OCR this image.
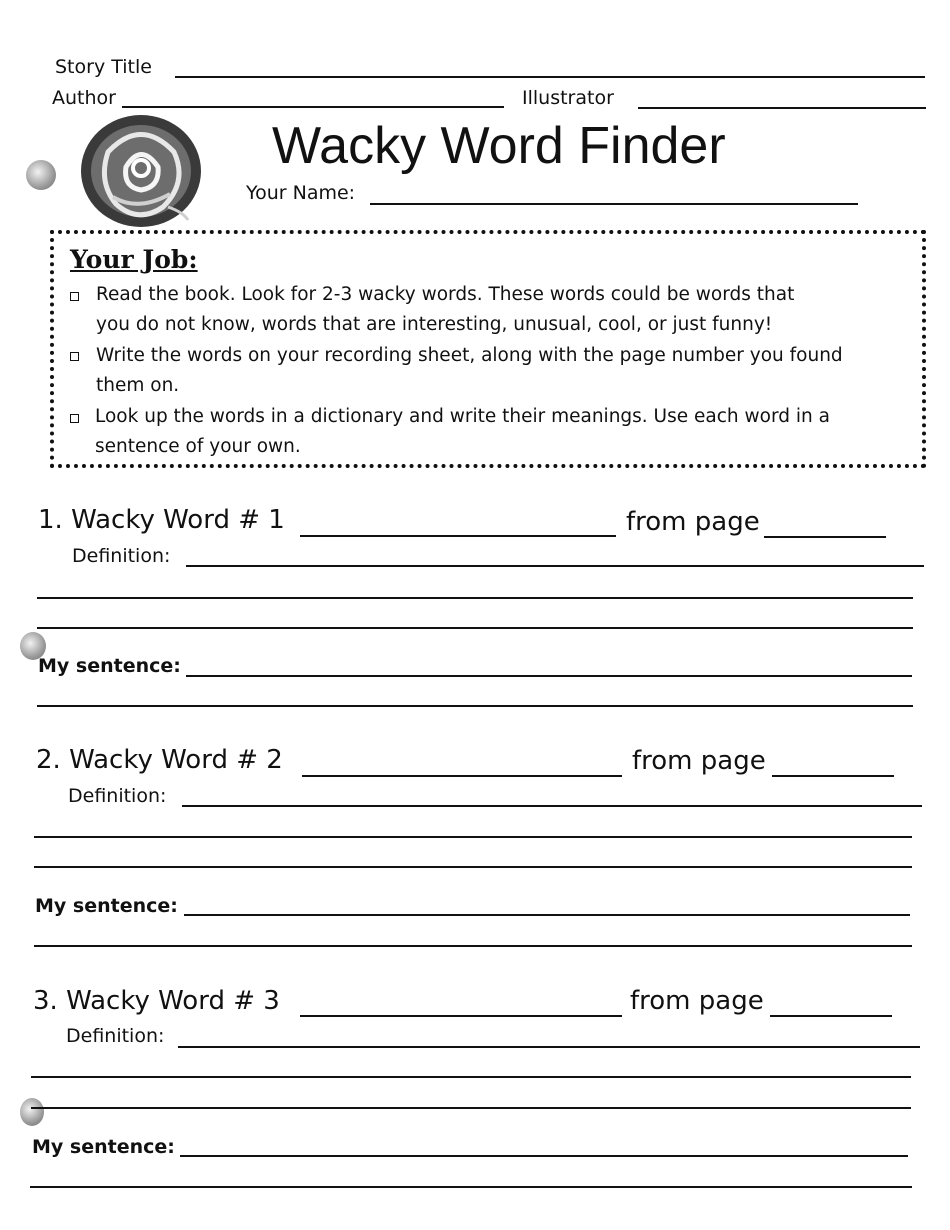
Story Title
Author	Illustrator
Wacky Word Finder
Your Name:
Your Job:
Read the book. Look for 2-3 wacky words. These words could be words that
you do not know, words that are interesting, unusual, cool, or just funny!
Write the words on your recording sheet, along with the page number you found
them on.
Look up the words in a dictionary and write their meanings. Use each word in a
sentence of your own.
1. Wacky Word # 1	from page
Definition:
My sentence:
2. Wacky Word # 2	from page
Definition:
My sentence:
3. Wacky Word # 3	from page
Definition:
My sentence:
